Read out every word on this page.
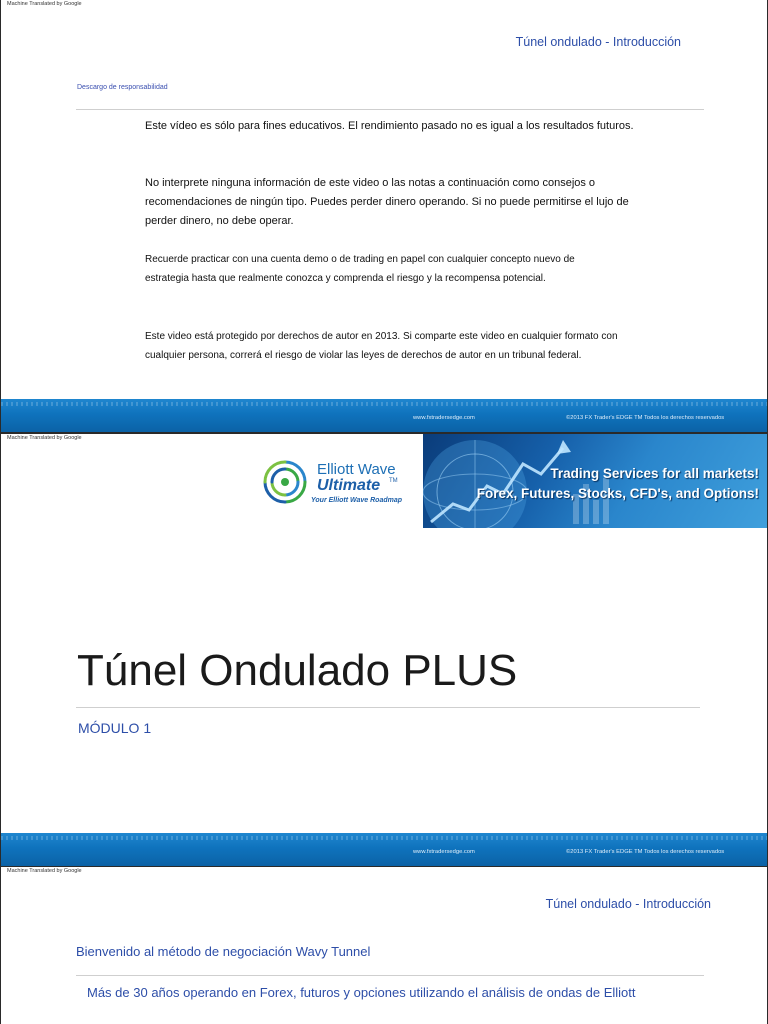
Machine Translated by Google
Túnel ondulado - Introducción
Descargo de responsabilidad

Este vídeo es sólo para fines educativos. El rendimiento pasado no es igual a los resultados futuros.

No interprete ninguna información de este video o las notas a continuación como consejos o recomendaciones de ningún tipo. Puedes perder dinero operando. Si no puede permitirse el lujo de perder dinero, no debe operar.

Recuerde practicar con una cuenta demo o de trading en papel con cualquier concepto nuevo de estrategia hasta que realmente conozca y comprenda el riesgo y la recompensa potencial.

Este video está protegido por derechos de autor en 2013. Si comparte este video en cualquier formato con cualquier persona, correrá el riesgo de violar las leyes de derechos de autor en un tribunal federal.

www.fxtradersedge.com	©2013 FX Trader's EDGE TM Todos los derechos reservados
Machine Translated by Google
Elliott Wave
Ultimate TM
Your Elliott Wave Roadmap
Trading Services for all markets!
Forex, Futures, Stocks, CFD's, and Options!
Túnel Ondulado PLUS
MÓDULO 1
www.fxtradersedge.com	©2013 FX Trader's EDGE TM Todos los derechos reservados
Machine Translated by Google
Túnel ondulado - Introducción
Bienvenido al método de negociación Wavy Tunnel
Más de 30 años operando en Forex, futuros y opciones utilizando el análisis de ondas de Elliott
